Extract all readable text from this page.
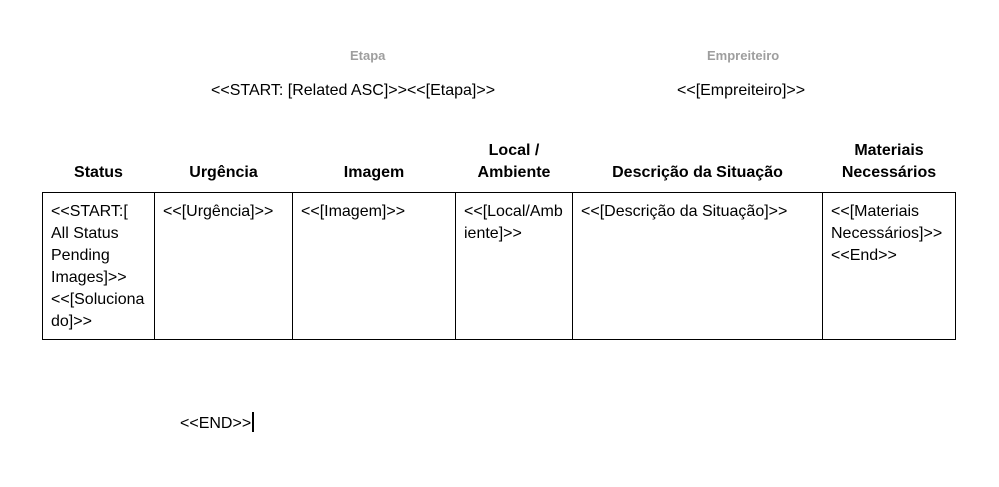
Etapa	Empreiteiro
<<START: [Related ASC]>><<[Etapa]>>	<<[Empreiteiro]>>
Status	Urgência	Imagem	Local / Ambiente	Descrição da Situação	Materiais Necessários
<<START:[ All Status Pending Images]>><<[Solucionado]>>	<<[Urgência]>>	<<[Imagem]>>	<<[Local/Ambiente]>>	<<[Descrição da Situação]>>	<<[Materiais Necessários]>><<End>>
<<END>>
